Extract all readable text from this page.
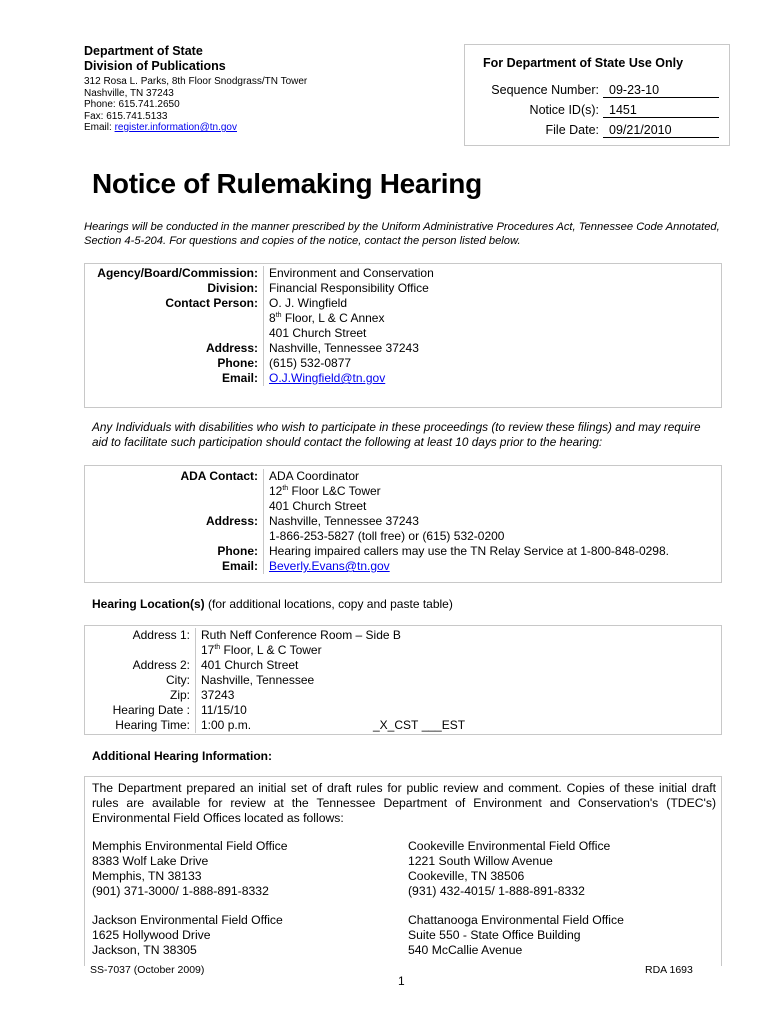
Department of State
Division of Publications
312 Rosa L. Parks, 8th Floor Snodgrass/TN Tower
Nashville, TN 37243
Phone: 615.741.2650
Fax: 615.741.5133
Email: register.information@tn.gov
For Department of State Use Only
Sequence Number: 09-23-10
Notice ID(s): 1451
File Date: 09/21/2010
Notice of Rulemaking Hearing
Hearings will be conducted in the manner prescribed by the Uniform Administrative Procedures Act, Tennessee Code Annotated, Section 4-5-204. For questions and copies of the notice, contact the person listed below.
Agency/Board/Commission:	Environment and Conservation
Division:	Financial Responsibility Office
Contact Person:	O. J. Wingfield
	8th Floor, L & C Annex
	401 Church Street
Address:	Nashville, Tennessee 37243
Phone:	(615) 532-0877
Email:	O.J.Wingfield@tn.gov
Any Individuals with disabilities who wish to participate in these proceedings (to review these filings) and may require aid to facilitate such participation should contact the following at least 10 days prior to the hearing:
ADA Contact:	ADA Coordinator
	12th Floor L&C Tower
	401 Church Street
Address:	Nashville, Tennessee 37243
	1-866-253-5827 (toll free) or (615) 532-0200
Phone:	Hearing impaired callers may use the TN Relay Service at 1-800-848-0298.
Email:	Beverly.Evans@tn.gov
Hearing Location(s) (for additional locations, copy and paste table)
Address 1:	Ruth Neff Conference Room – Side B
	17th Floor, L & C Tower
Address 2:	401 Church Street
City:	Nashville, Tennessee
Zip:	37243
Hearing Date :	11/15/10
Hearing Time:	1:00 p.m. _X_CST ___EST
Additional Hearing Information:
The Department prepared an initial set of draft rules for public review and comment. Copies of these initial draft rules are available for review at the Tennessee Department of Environment and Conservation's (TDEC's) Environmental Field Offices located as follows:
Memphis Environmental Field Office
8383 Wolf Lake Drive
Memphis, TN 38133
(901) 371-3000/ 1-888-891-8332
Cookeville Environmental Field Office
1221 South Willow Avenue
Cookeville, TN 38506
(931) 432-4015/ 1-888-891-8332
Jackson Environmental Field Office
1625 Hollywood Drive
Jackson, TN 38305
Chattanooga Environmental Field Office
Suite 550 - State Office Building
540 McCallie Avenue
SS-7037 (October 2009)	RDA 1693
1
